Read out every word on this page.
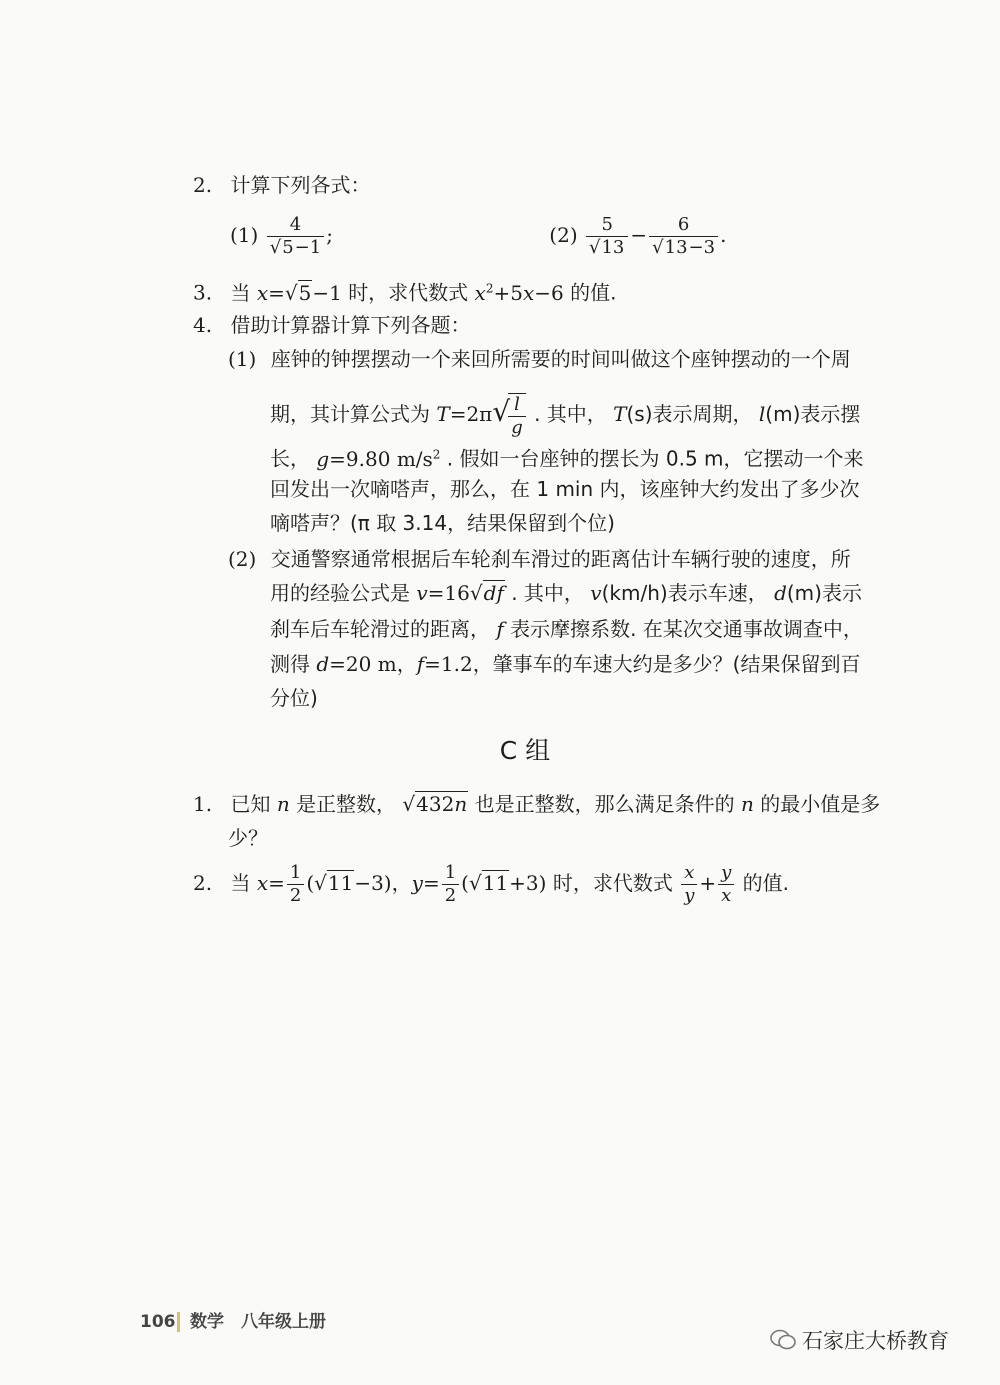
2. 计算下列各式：
$(1) \frac{4}{√5-1}$ ;	$(2) \frac{5}{√13} - \frac{6}{√13-3}$ .
3. 当 x=√5−1 时，求代数式 $x^2+5x-6$ 的值.
4. 借助计算器计算下列各题：
(1) 座钟的钟摆摆动一个来回所需要的时间叫做这个座钟摆动的一个周
期，其计算公式为 T=2π√
$\frac{l}{g}$ . 其中， T(s)表示周期， l(m)表示摆
长， g=9.80 $m/s^2$ . 假如一台座钟的摆长为 0.5 m，它摆动一个来
回发出一次嘀嗒声，那么，在 1 min 内，该座钟大约发出了多少次
嘀嗒声？(π 取 3.14，结果保留到个位)
(2) 交通警察通常根据后车轮刹车滑过的距离估计车辆行驶的速度，所
用的经验公式是 v=16√df . 其中， v(km/h)表示车速， d(m)表示
刹车后车轮滑过的距离， f 表示摩擦系数. 在某次交通事故调查中，
测得 d=20 m，f=1.2，肇事车的车速大约是多少？(结果保留到百
分位)
C 组
1. 已知 n 是正整数， √432n 也是正整数，那么满足条件的 n 的最小值是多
少？
2. 当 $x= \frac{1}{2} (√11-3)$，$y= \frac{1}{2} (√11+3)$ 时，求代数式 $\frac{x}{y} + \frac{y}{x}$ 的值.
106 数学　八年级上册
石家庄大桥教育
